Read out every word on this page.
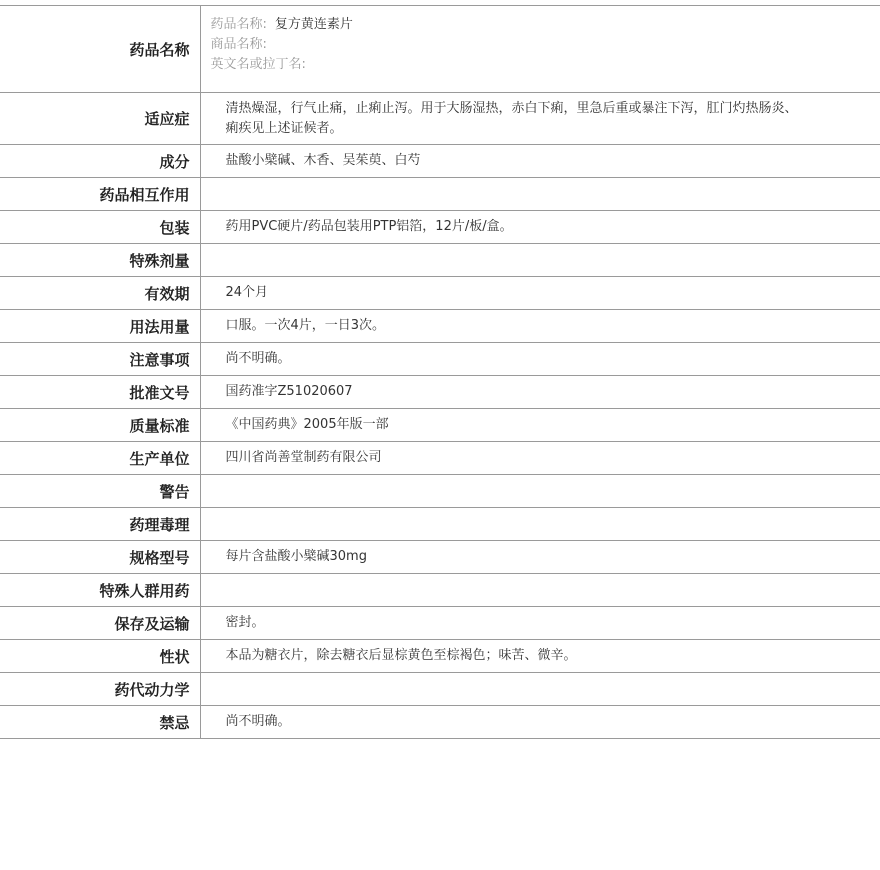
药品名称	药品名称: 复方黄连素片
商品名称:
英文名或拉丁名:

适应症	清热燥湿，行气止痛，止痢止泻。用于大肠湿热，赤白下痢，里急后重或暴注下泻，肛门灼热肠炎、痢疾见上述证候者。
成分	盐酸小檗碱、木香、吴茱萸、白芍
药品相互作用	
包装	药用PVC硬片/药品包装用PTP铝箔，12片/板/盒。
特殊剂量	
有效期	24个月
用法用量	口服。一次4片，一日3次。
注意事项	尚不明确。
批准文号	国药准字Z51020607
质量标准	《中国药典》2005年版一部
生产单位	四川省尚善堂制药有限公司
警告	
药理毒理	
规格型号	每片含盐酸小檗碱30mg
特殊人群用药	
保存及运输	密封。
性状	本品为糖衣片，除去糖衣后显棕黄色至棕褐色；味苦、微辛。
药代动力学	
禁忌	尚不明确。
